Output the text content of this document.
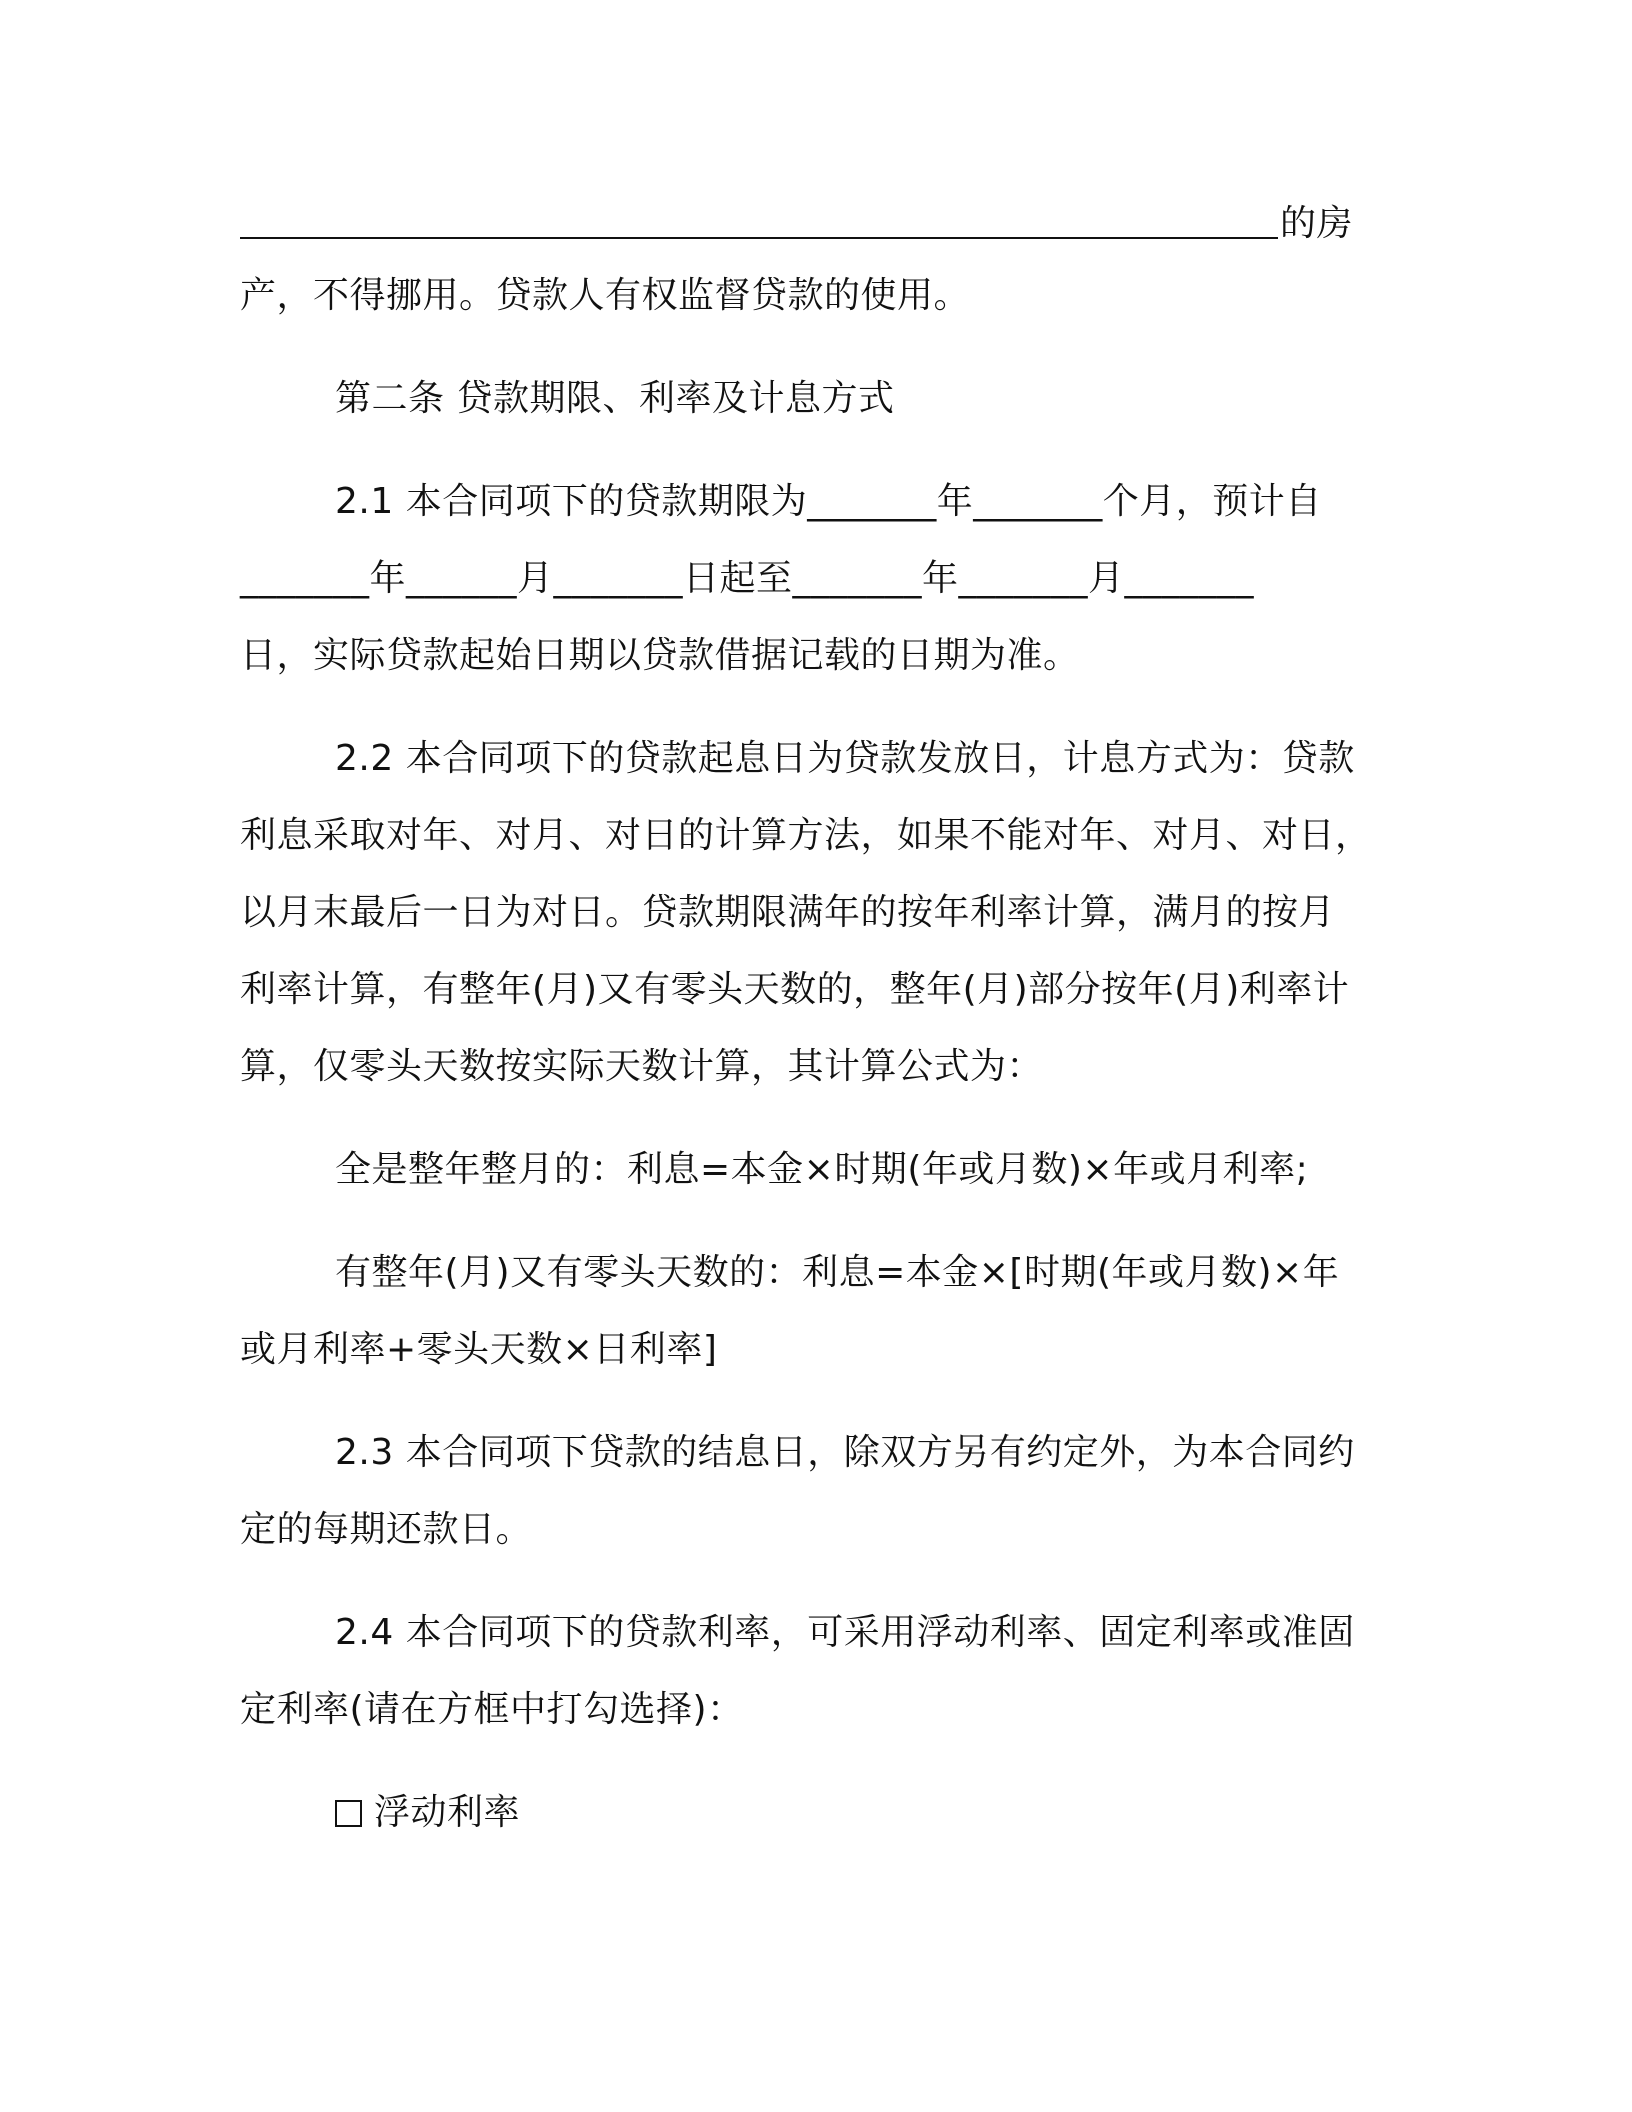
的房
产，不得挪用。贷款人有权监督贷款的使用。
第二条 贷款期限、利率及计息方式
2.1 本合同项下的贷款期限为_______年_______个月，预计自
_______年______月_______日起至_______年_______月_______
日，实际贷款起始日期以贷款借据记载的日期为准。
2.2 本合同项下的贷款起息日为贷款发放日，计息方式为：贷款
利息采取对年、对月、对日的计算方法，如果不能对年、对月、对日，
以月末最后一日为对日。贷款期限满年的按年利率计算，满月的按月
利率计算，有整年(月)又有零头天数的，整年(月)部分按年(月)利率计
算，仅零头天数按实际天数计算，其计算公式为：
全是整年整月的：利息=本金×时期(年或月数)×年或月利率;
有整年(月)又有零头天数的：利息=本金×[时期(年或月数)×年
或月利率+零头天数×日利率]
2.3 本合同项下贷款的结息日，除双方另有约定外，为本合同约
定的每期还款日。
2.4 本合同项下的贷款利率，可采用浮动利率、固定利率或准固
定利率(请在方框中打勾选择)：
浮动利率
